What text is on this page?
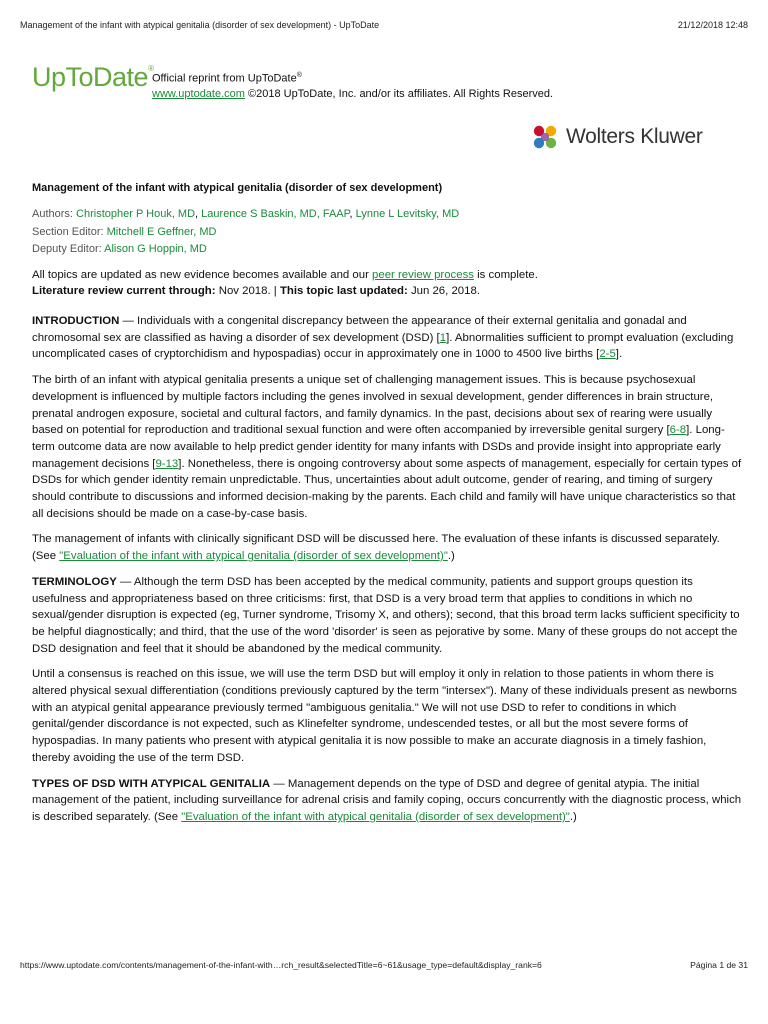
Management of the infant with atypical genitalia (disorder of sex development) - UpToDate	21/12/2018 12:48
UpToDate®
Official reprint from UpToDate®
www.uptodate.com ©2018 UpToDate, Inc. and/or its affiliates. All Rights Reserved.
Wolters Kluwer
Management of the infant with atypical genitalia (disorder of sex development)
Authors: Christopher P Houk, MD, Laurence S Baskin, MD, FAAP, Lynne L Levitsky, MD
Section Editor: Mitchell E Geffner, MD
Deputy Editor: Alison G Hoppin, MD
All topics are updated as new evidence becomes available and our peer review process is complete.
Literature review current through: Nov 2018. | This topic last updated: Jun 26, 2018.

INTRODUCTION — Individuals with a congenital discrepancy between the appearance of their external genitalia and gonadal and chromosomal sex are classified as having a disorder of sex development (DSD) [1]. Abnormalities sufficient to prompt evaluation (excluding uncomplicated cases of cryptorchidism and hypospadias) occur in approximately one in 1000 to 4500 live births [2-5].

The birth of an infant with atypical genitalia presents a unique set of challenging management issues. This is because psychosexual development is influenced by multiple factors including the genes involved in sexual development, gender differences in brain structure, prenatal androgen exposure, societal and cultural factors, and family dynamics. In the past, decisions about sex of rearing were usually based on potential for reproduction and traditional sexual function and were often accompanied by irreversible genital surgery [6-8]. Long-term outcome data are now available to help predict gender identity for many infants with DSDs and provide insight into appropriate early management decisions [9-13]. Nonetheless, there is ongoing controversy about some aspects of management, especially for certain types of DSDs for which gender identity remain unpredictable. Thus, uncertainties about adult outcome, gender of rearing, and timing of surgery should contribute to discussions and informed decision-making by the parents. Each child and family will have unique characteristics so that all decisions should be made on a case-by-case basis.

The management of infants with clinically significant DSD will be discussed here. The evaluation of these infants is discussed separately. (See "Evaluation of the infant with atypical genitalia (disorder of sex development)".)

TERMINOLOGY — Although the term DSD has been accepted by the medical community, patients and support groups question its usefulness and appropriateness based on three criticisms: first, that DSD is a very broad term that applies to conditions in which no sexual/gender disruption is expected (eg, Turner syndrome, Trisomy X, and others); second, that this broad term lacks sufficient specificity to be helpful diagnostically; and third, that the use of the word 'disorder' is seen as pejorative by some. Many of these groups do not accept the DSD designation and feel that it should be abandoned by the medical community.

Until a consensus is reached on this issue, we will use the term DSD but will employ it only in relation to those patients in whom there is altered physical sexual differentiation (conditions previously captured by the term "intersex"). Many of these individuals present as newborns with an atypical genital appearance previously termed "ambiguous genitalia." We will not use DSD to refer to conditions in which genital/gender discordance is not expected, such as Klinefelter syndrome, undescended testes, or all but the most severe forms of hypospadias. In many patients who present with atypical genitalia it is now possible to make an accurate diagnosis in a timely fashion, thereby avoiding the use of the term DSD.

TYPES OF DSD WITH ATYPICAL GENITALIA — Management depends on the type of DSD and degree of genital atypia. The initial management of the patient, including surveillance for adrenal crisis and family coping, occurs concurrently with the diagnostic process, which is described separately. (See "Evaluation of the infant with atypical genitalia (disorder of sex development)".)

https://www.uptodate.com/contents/management-of-the-infant-with…rch_result&selectedTitle=6~61&usage_type=default&display_rank=6	Página 1 de 31
